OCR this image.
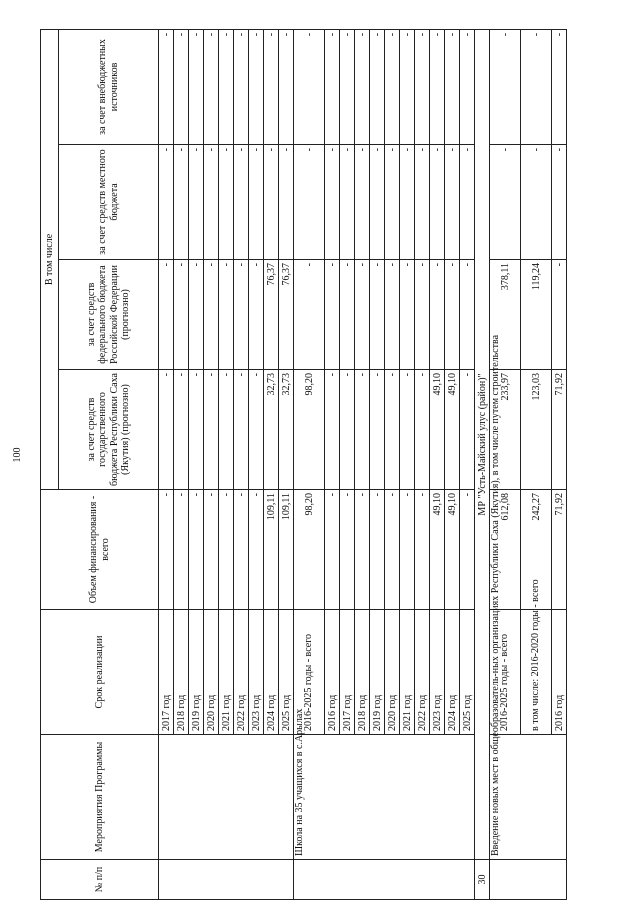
100
№ п/п	Мероприятия Программы	Срок реализации	Объем финансирования - всего	В том числе			
				за счет средств государственного бюджета Республики Саха (Якутия) (прогнозно)	за счет средств федерального бюджета Российской Федерации (прогнозно)	за счет средств местного бюджета	за счет внебюджетных источников
		2017 год	-	-	-	-	-
		2018 год	-	-	-	-	-
		2019 год	-	-	-	-	-
		2020 год	-	-	-	-	-
		2021 год	-	-	-	-	-
		2022 год	-	-	-	-	-
		2023 год	-	-	-	-	-
		2024 год	109,11	32,73	76,37	-	-
		2025 год	109,11	32,73	76,37	-	-
	Школа на 35 учащихся в с.Арылах	2016-2025 годы - всего	98,20	98,20	-	-	-
		2016 год	-	-	-	-	-
		2017 год	-	-	-	-	-
		2018 год	-	-	-	-	-
		2019 год	-	-	-	-	-
		2020 год	-	-	-	-	-
		2021 год	-	-	-	-	-
		2022 год	-	-	-	-	-
		2023 год	49,10	49,10	-	-	-
		2024 год	49,10	49,10	-	-	-
		2025 год	-	-	-	-	-
30	МР "Усть-Майский улус (район)"						
	Введение новых мест в общеобразователь-ных организациях Республики Саха (Якутия), в том числе путем строительства	2016-2025 годы - всего	612,08	233,97	378,11	-	-
		в том числе: 2016-2020 годы - всего	242,27	123,03	119,24	-	-
		2016 год	71,92	71,92	-	-	-
